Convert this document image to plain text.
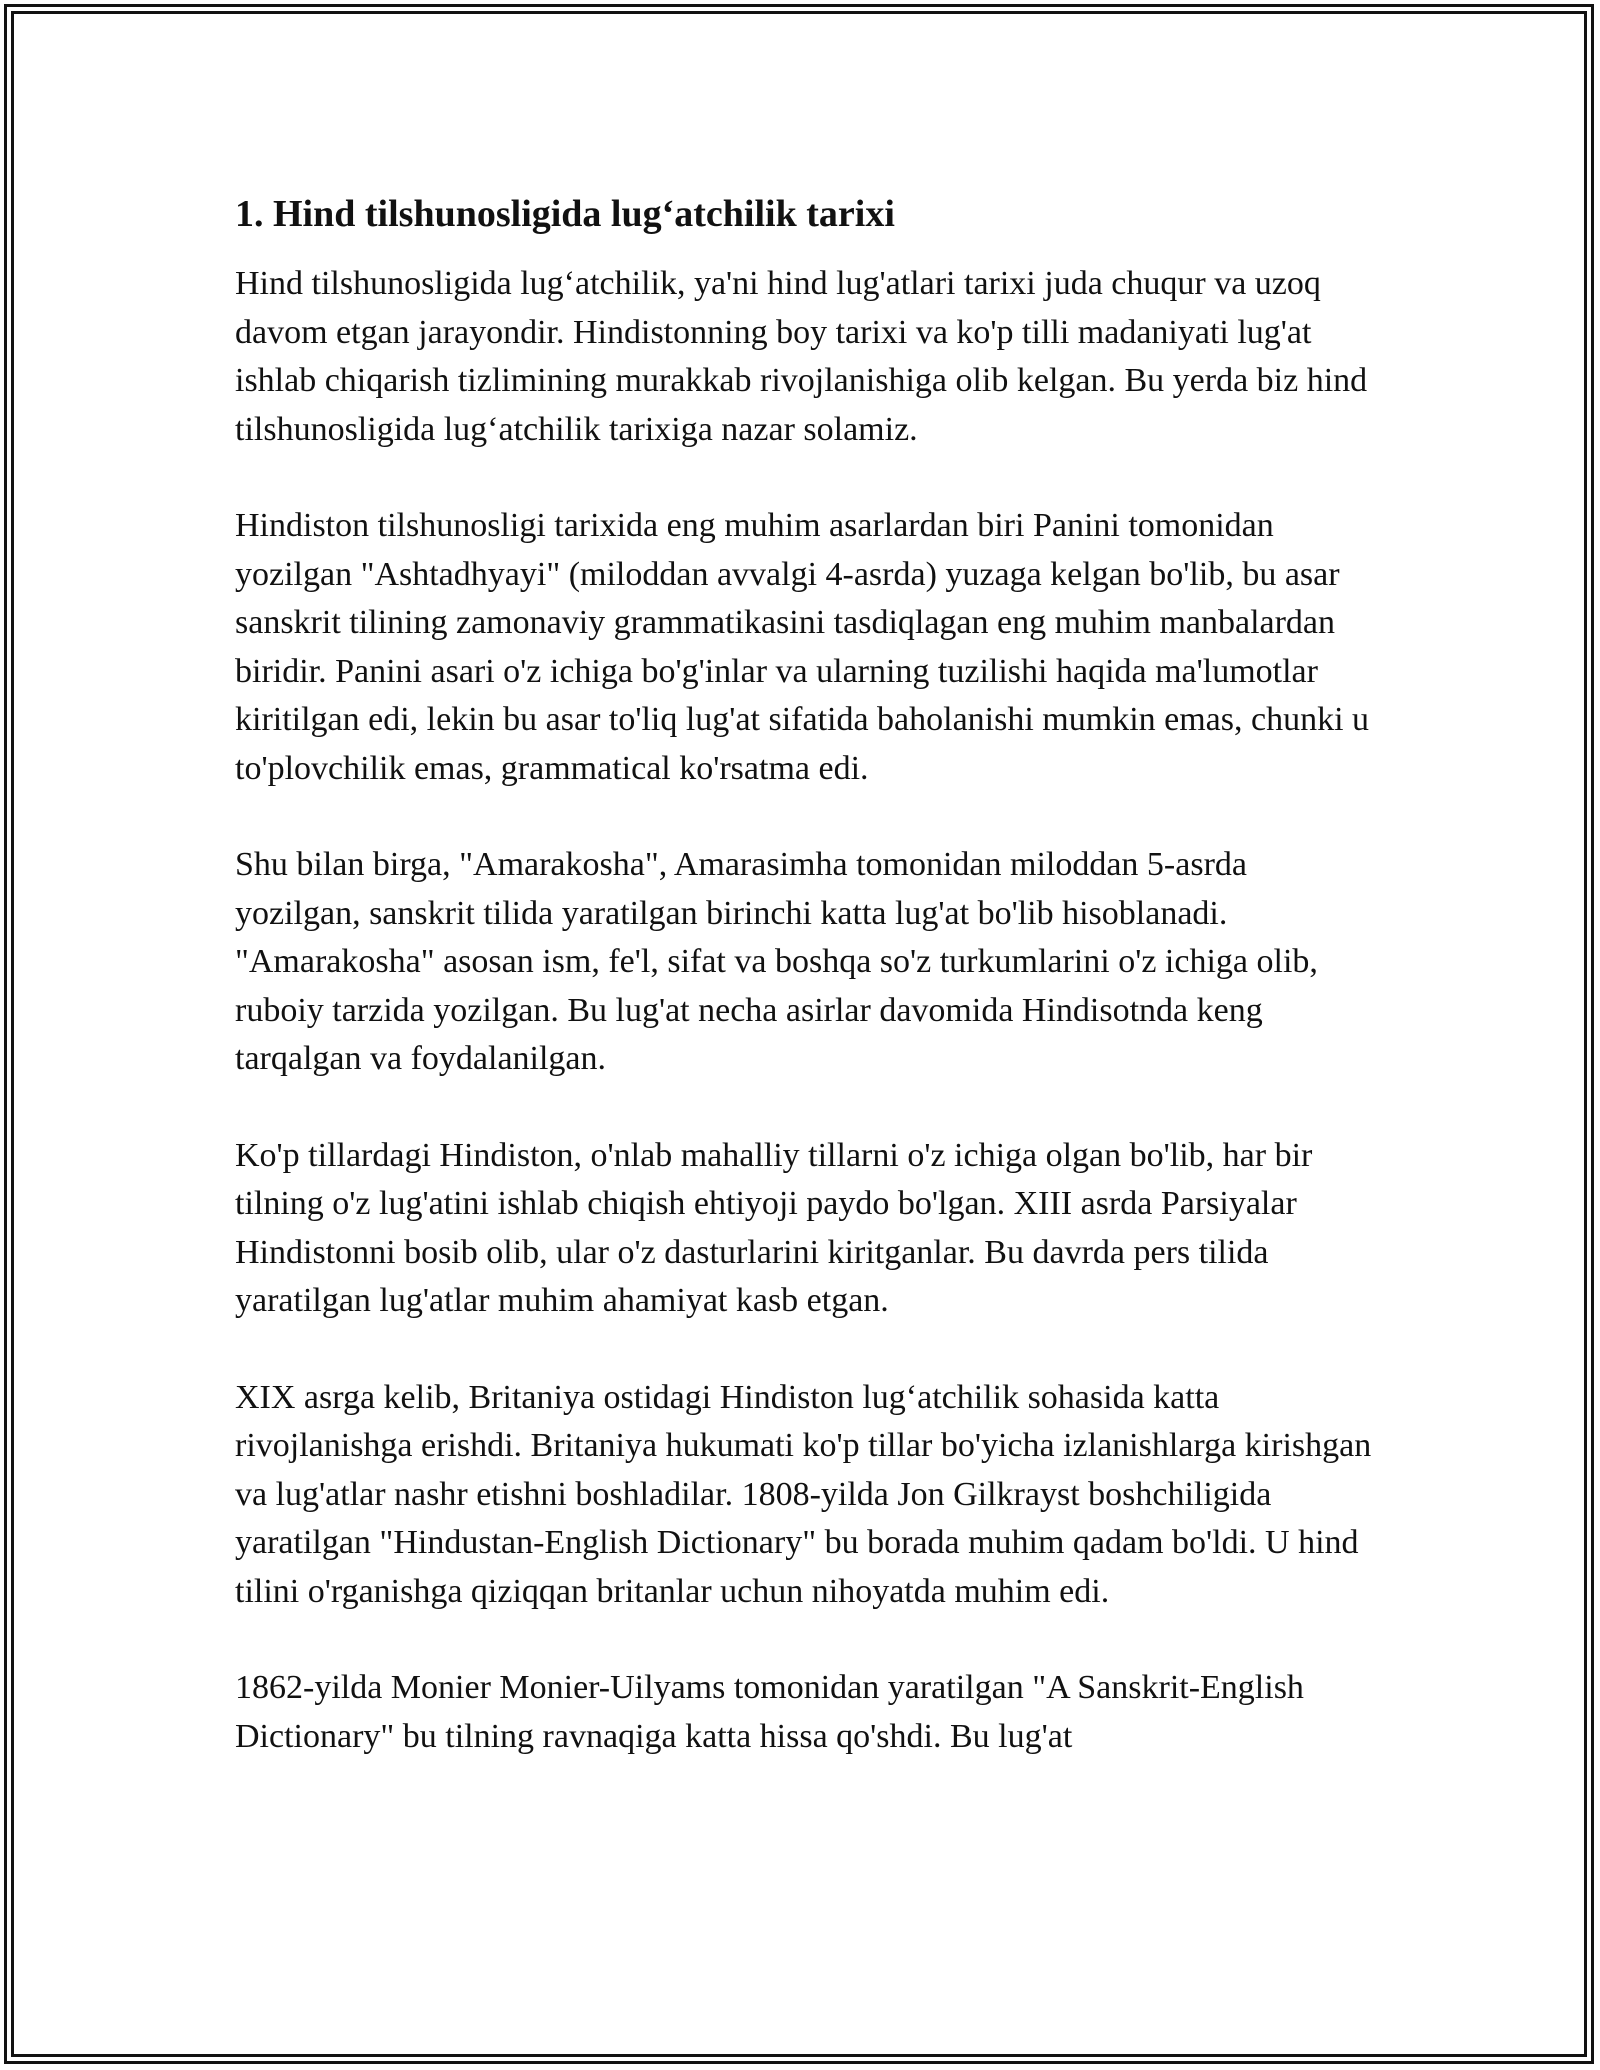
1. Hind tilshunosligida lug‘atchilik tarixi

Hind tilshunosligida lug‘atchilik, ya'ni hind lug'atlari tarixi juda chuqur va uzoq davom etgan jarayondir. Hindistonning boy tarixi va ko'p tilli madaniyati lug'at ishlab chiqarish tizlimining murakkab rivojlanishiga olib kelgan. Bu yerda biz hind tilshunosligida lug‘atchilik tarixiga nazar solamiz.

Hindiston tilshunosligi tarixida eng muhim asarlardan biri Panini tomonidan yozilgan "Ashtadhyayi" (miloddan avvalgi 4-asrda) yuzaga kelgan bo'lib, bu asar sanskrit tilining zamonaviy grammatikasini tasdiqlagan eng muhim manbalardan biridir. Panini asari o'z ichiga bo'g'inlar va ularning tuzilishi haqida ma'lumotlar kiritilgan edi, lekin bu asar to'liq lug'at sifatida baholanishi mumkin emas, chunki u to'plovchilik emas, grammatical ko'rsatma edi.

Shu bilan birga, "Amarakosha", Amarasimha tomonidan miloddan 5-asrda yozilgan, sanskrit tilida yaratilgan birinchi katta lug'at bo'lib hisoblanadi. "Amarakosha" asosan ism, fe'l, sifat va boshqa so'z turkumlarini o'z ichiga olib, ruboiy tarzida yozilgan. Bu lug'at necha asirlar davomida Hindisotnda keng tarqalgan va foydalanilgan.

Ko'p tillardagi Hindiston, o'nlab mahalliy tillarni o'z ichiga olgan bo'lib, har bir tilning o'z lug'atini ishlab chiqish ehtiyoji paydo bo'lgan. XIII asrda Parsiyalar Hindistonni bosib olib, ular o'z dasturlarini kiritganlar. Bu davrda pers tilida yaratilgan lug'atlar muhim ahamiyat kasb etgan.

XIX asrga kelib, Britaniya ostidagi Hindiston lug‘atchilik sohasida katta rivojlanishga erishdi. Britaniya hukumati ko'p tillar bo'yicha izlanishlarga kirishgan va lug'atlar nashr etishni boshladilar. 1808-yilda Jon Gilkrayst boshchiligida yaratilgan "Hindustan-English Dictionary" bu borada muhim qadam bo'ldi. U hind tilini o'rganishga qiziqqan britanlar uchun nihoyatda muhim edi.

1862-yilda Monier Monier-Uilyams tomonidan yaratilgan "A Sanskrit-English Dictionary" bu tilning ravnaqiga katta hissa qo'shdi. Bu lug'at
